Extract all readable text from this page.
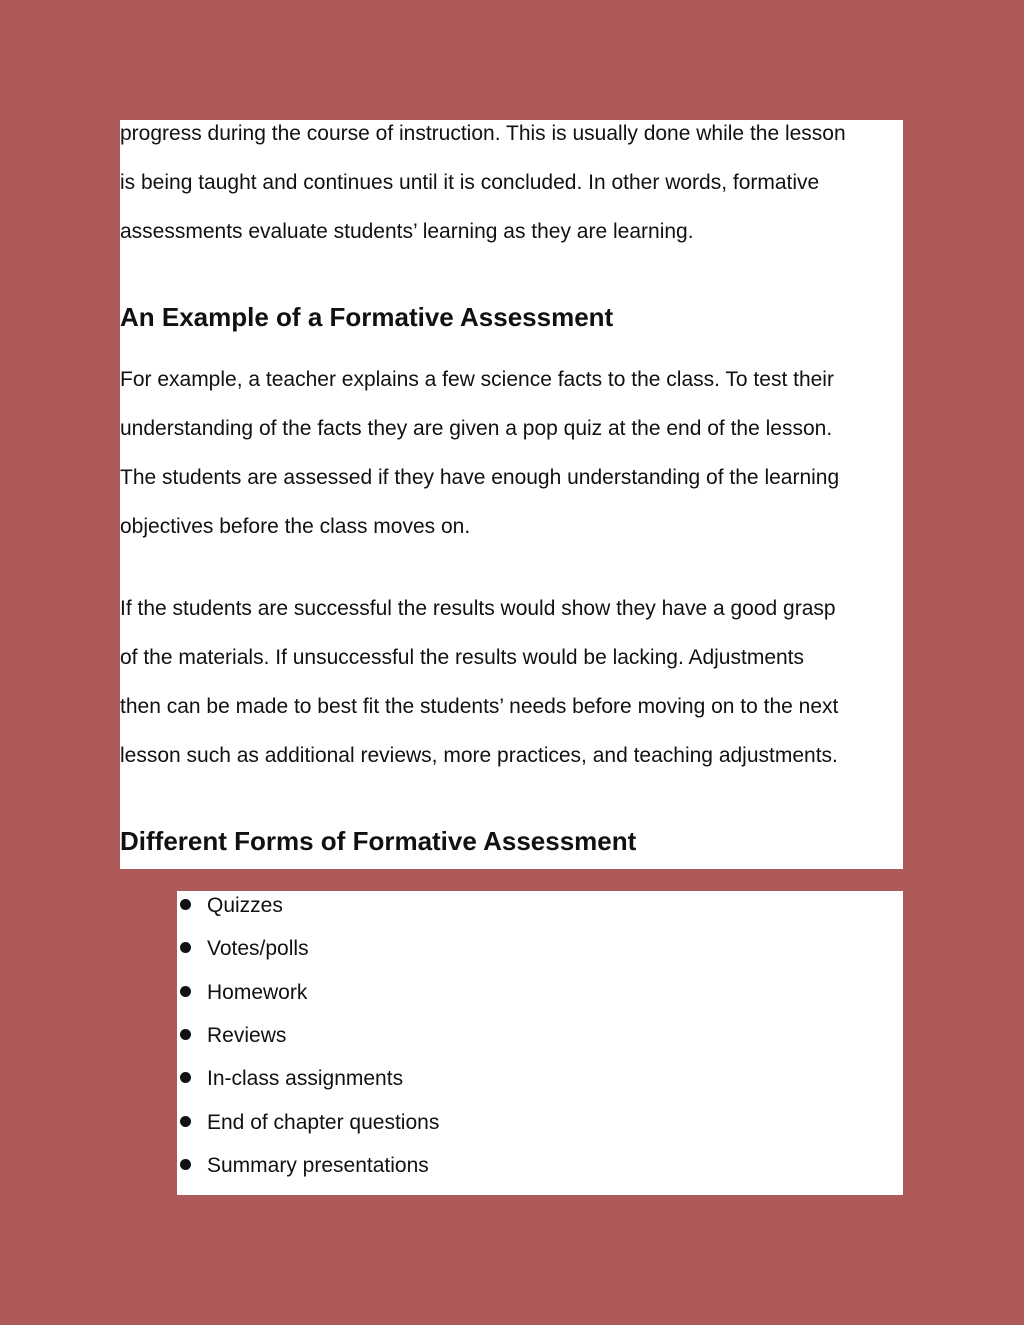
progress during the course of instruction. This is usually done while the lesson
is being taught and continues until it is concluded. In other words, formative
assessments evaluate students’ learning as they are learning.
An Example of a Formative Assessment
For example, a teacher explains a few science facts to the class. To test their
understanding of the facts they are given a pop quiz at the end of the lesson.
The students are assessed if they have enough understanding of the learning
objectives before the class moves on.
If the students are successful the results would show they have a good grasp
of the materials. If unsuccessful the results would be lacking. Adjustments
then can be made to best fit the students’ needs before moving on to the next
lesson such as additional reviews, more practices, and teaching adjustments.
Different Forms of Formative Assessment
Quizzes
Votes/polls
Homework
Reviews
In-class assignments
End of chapter questions
Summary presentations
